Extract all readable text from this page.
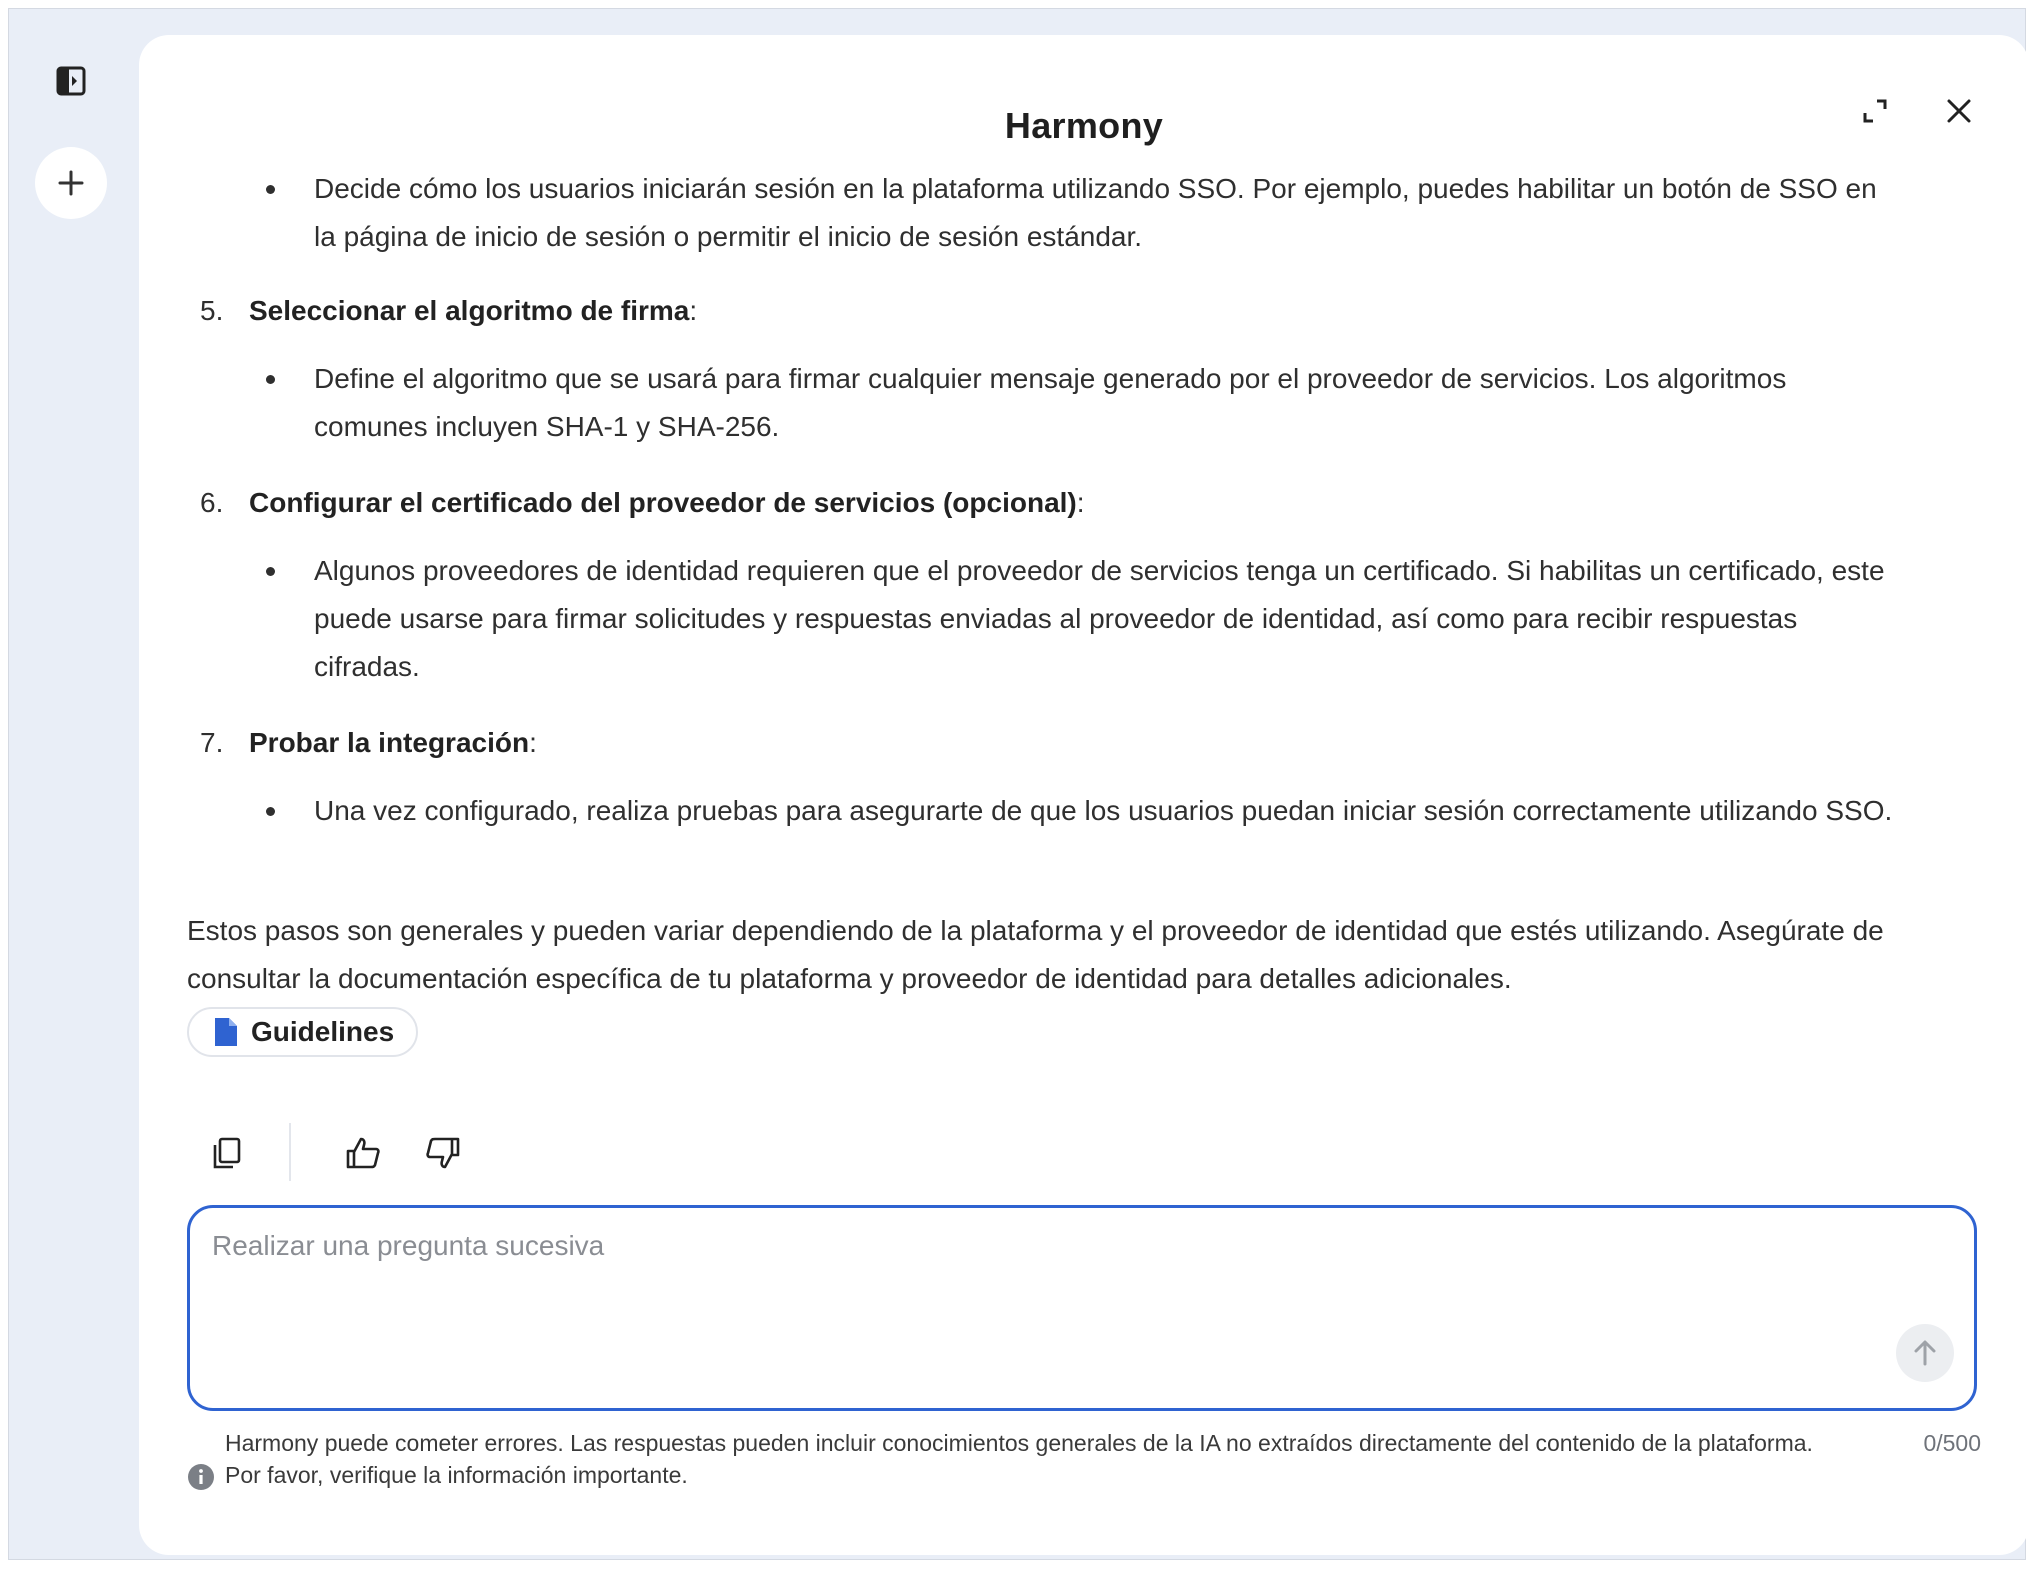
Harmony
Decide cómo los usuarios iniciarán sesión en la plataforma utilizando SSO. Por ejemplo, puedes habilitar un botón de SSO en la página de inicio de sesión o permitir el inicio de sesión estándar.
5. Seleccionar el algoritmo de firma:
Define el algoritmo que se usará para firmar cualquier mensaje generado por el proveedor de servicios. Los algoritmos comunes incluyen SHA-1 y SHA-256.
6. Configurar el certificado del proveedor de servicios (opcional):
Algunos proveedores de identidad requieren que el proveedor de servicios tenga un certificado. Si habilitas un certificado, este puede usarse para firmar solicitudes y respuestas enviadas al proveedor de identidad, así como para recibir respuestas cifradas.
7. Probar la integración:
Una vez configurado, realiza pruebas para asegurarte de que los usuarios puedan iniciar sesión correctamente utilizando SSO.
Estos pasos son generales y pueden variar dependiendo de la plataforma y el proveedor de identidad que estés utilizando. Asegúrate de consultar la documentación específica de tu plataforma y proveedor de identidad para detalles adicionales.
Guidelines
Realizar una pregunta sucesiva
Harmony puede cometer errores. Las respuestas pueden incluir conocimientos generales de la IA no extraídos directamente del contenido de la plataforma.
Por favor, verifique la información importante.
0/500
